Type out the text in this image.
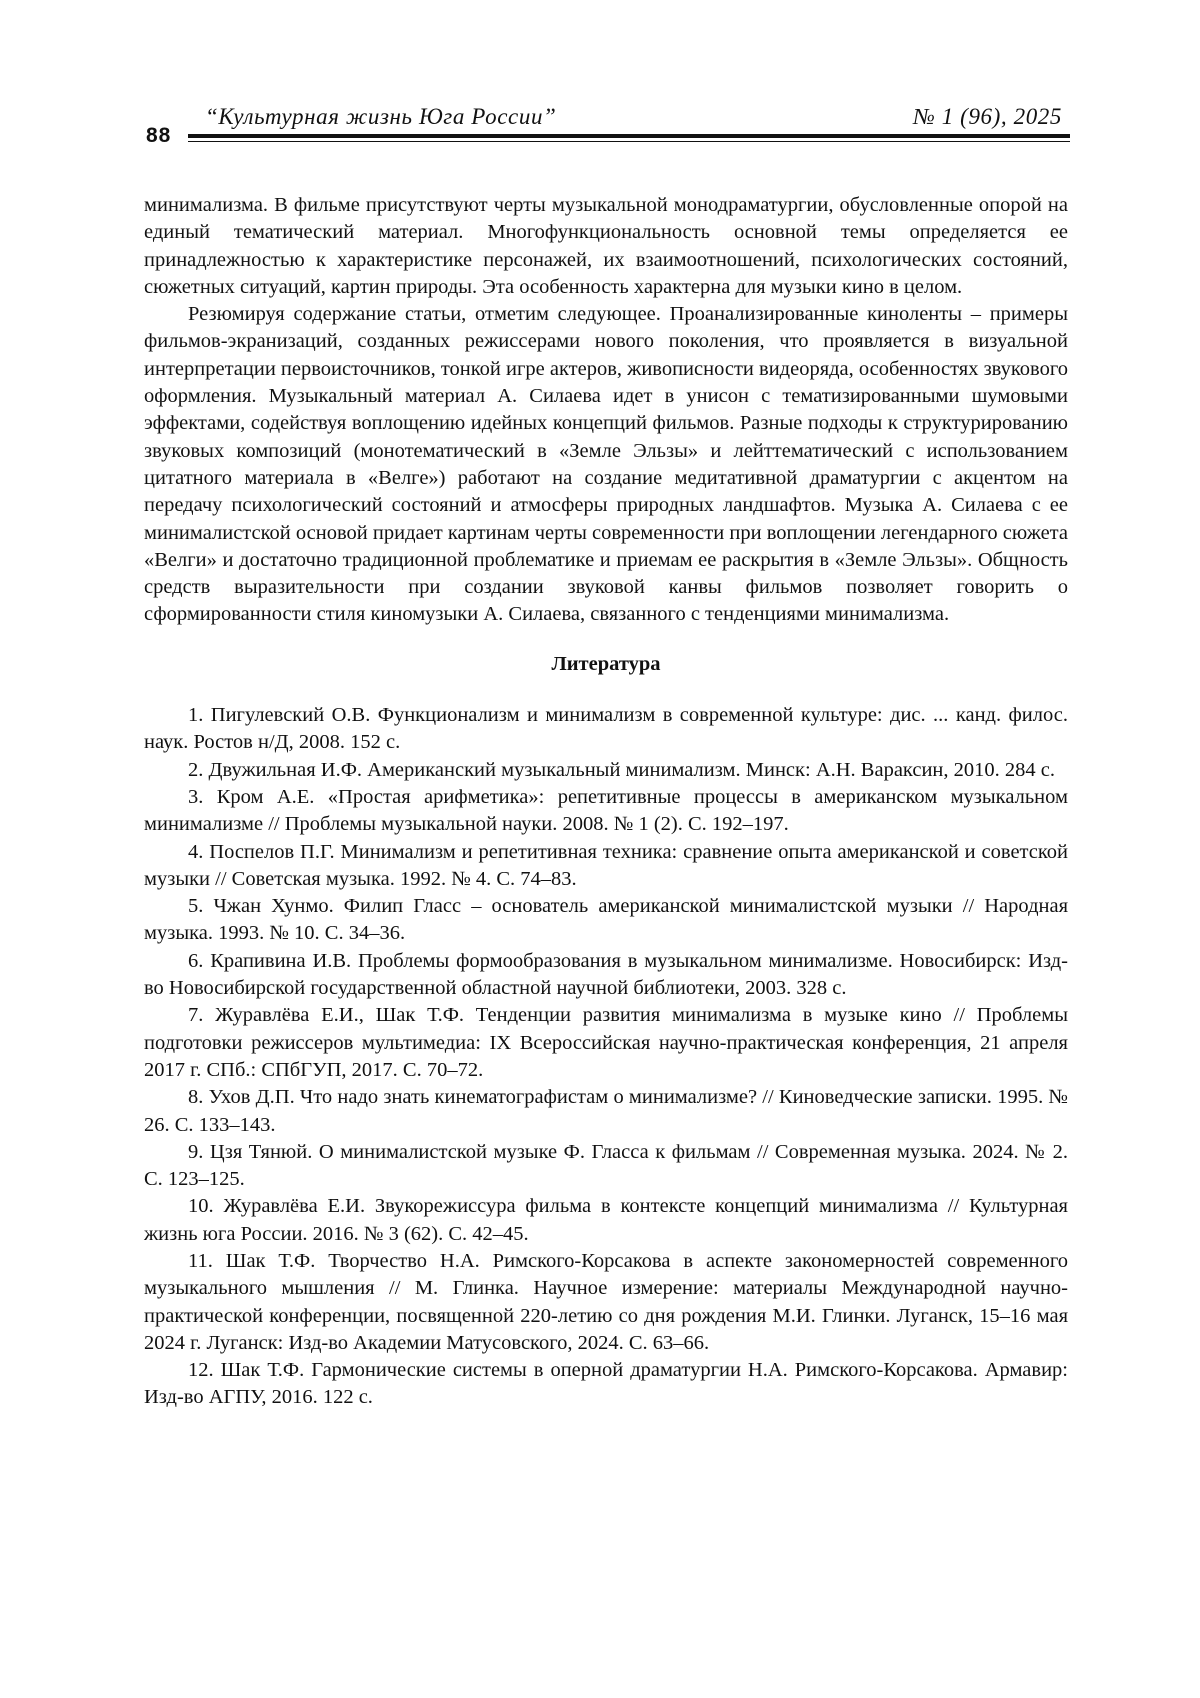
88
“Культурная жизнь Юга России”	№ 1 (96), 2025

минимализма. В фильме присутствуют черты музыкальной монодраматургии, обусловленные опорой на единый тематический материал. Многофункциональность основной темы определяется ее принадлежностью к характеристике персонажей, их взаимоотношений, психологических состояний, сюжетных ситуаций, картин природы. Эта особенность характерна для музыки кино в целом.

Резюмируя содержание статьи, отметим следующее. Проанализированные киноленты – примеры фильмов-экранизаций, созданных режиссерами нового поколения, что проявляется в визуальной интерпретации первоисточников, тонкой игре актеров, живописности видеоряда, особенностях звукового оформления. Музыкальный материал А. Силаева идет в унисон с тематизированными шумовыми эффектами, содействуя воплощению идейных концепций фильмов. Разные подходы к структурированию звуковых композиций (монотематический в «Земле Эльзы» и лейттематический с использованием цитатного материала в «Велге») работают на создание медитативной драматургии с акцентом на передачу психологический состояний и атмосферы природных ландшафтов. Музыка А. Силаева с ее минималистской основой придает картинам черты современности при воплощении легендарного сюжета «Велги» и достаточно традиционной проблематике и приемам ее раскрытия в «Земле Эльзы». Общность средств выразительности при создании звуковой канвы фильмов позволяет говорить о сформированности стиля киномузыки А. Силаева, связанного с тенденциями минимализма.

Литература

1. Пигулевский О.В. Функционализм и минимализм в современной культуре: дис. ... канд. филос. наук. Ростов н/Д, 2008. 152 с.

2. Двужильная И.Ф. Американский музыкальный минимализм. Минск: А.Н. Вараксин, 2010. 284 с.

3. Кром А.Е. «Простая арифметика»: репетитивные процессы в американском музыкальном минимализме // Проблемы музыкальной науки. 2008. № 1 (2). С. 192–197.

4. Поспелов П.Г. Минимализм и репетитивная техника: сравнение опыта американской и советской музыки // Советская музыка. 1992. № 4. С. 74–83.

5. Чжан Хунмо. Филип Гласс – основатель американской минималистской музыки // Народная музыка. 1993. № 10. С. 34–36.

6. Крапивина И.В. Проблемы формообразования в музыкальном минимализме. Новосибирск: Изд-во Новосибирской государственной областной научной библиотеки, 2003. 328 с.

7. Журавлёва Е.И., Шак Т.Ф. Тенденции развития минимализма в музыке кино // Проблемы подготовки режиссеров мультимедиа: IX Всероссийская научно-практическая конференция, 21 апреля 2017 г. СПб.: СПбГУП, 2017. С. 70–72.

8. Ухов Д.П. Что надо знать кинематографистам о минимализме? // Киноведческие записки. 1995. № 26. С. 133–143.

9. Цзя Тянюй. О минималистской музыке Ф. Гласса к фильмам // Современная музыка. 2024. № 2. С. 123–125.

10. Журавлёва Е.И. Звукорежиссура фильма в контексте концепций минимализма // Культурная жизнь юга России. 2016. № 3 (62). С. 42–45.

11. Шак Т.Ф. Творчество Н.А. Римского-Корсакова в аспекте закономерностей современного музыкального мышления // М. Глинка. Научное измерение: материалы Международной научно-практической конференции, посвященной 220-летию со дня рождения М.И. Глинки. Луганск, 15–16 мая 2024 г. Луганск: Изд-во Академии Матусовского, 2024. С. 63–66.

12. Шак Т.Ф. Гармонические системы в оперной драматургии Н.А. Римского-Корсакова. Армавир: Изд-во АГПУ, 2016. 122 с.
